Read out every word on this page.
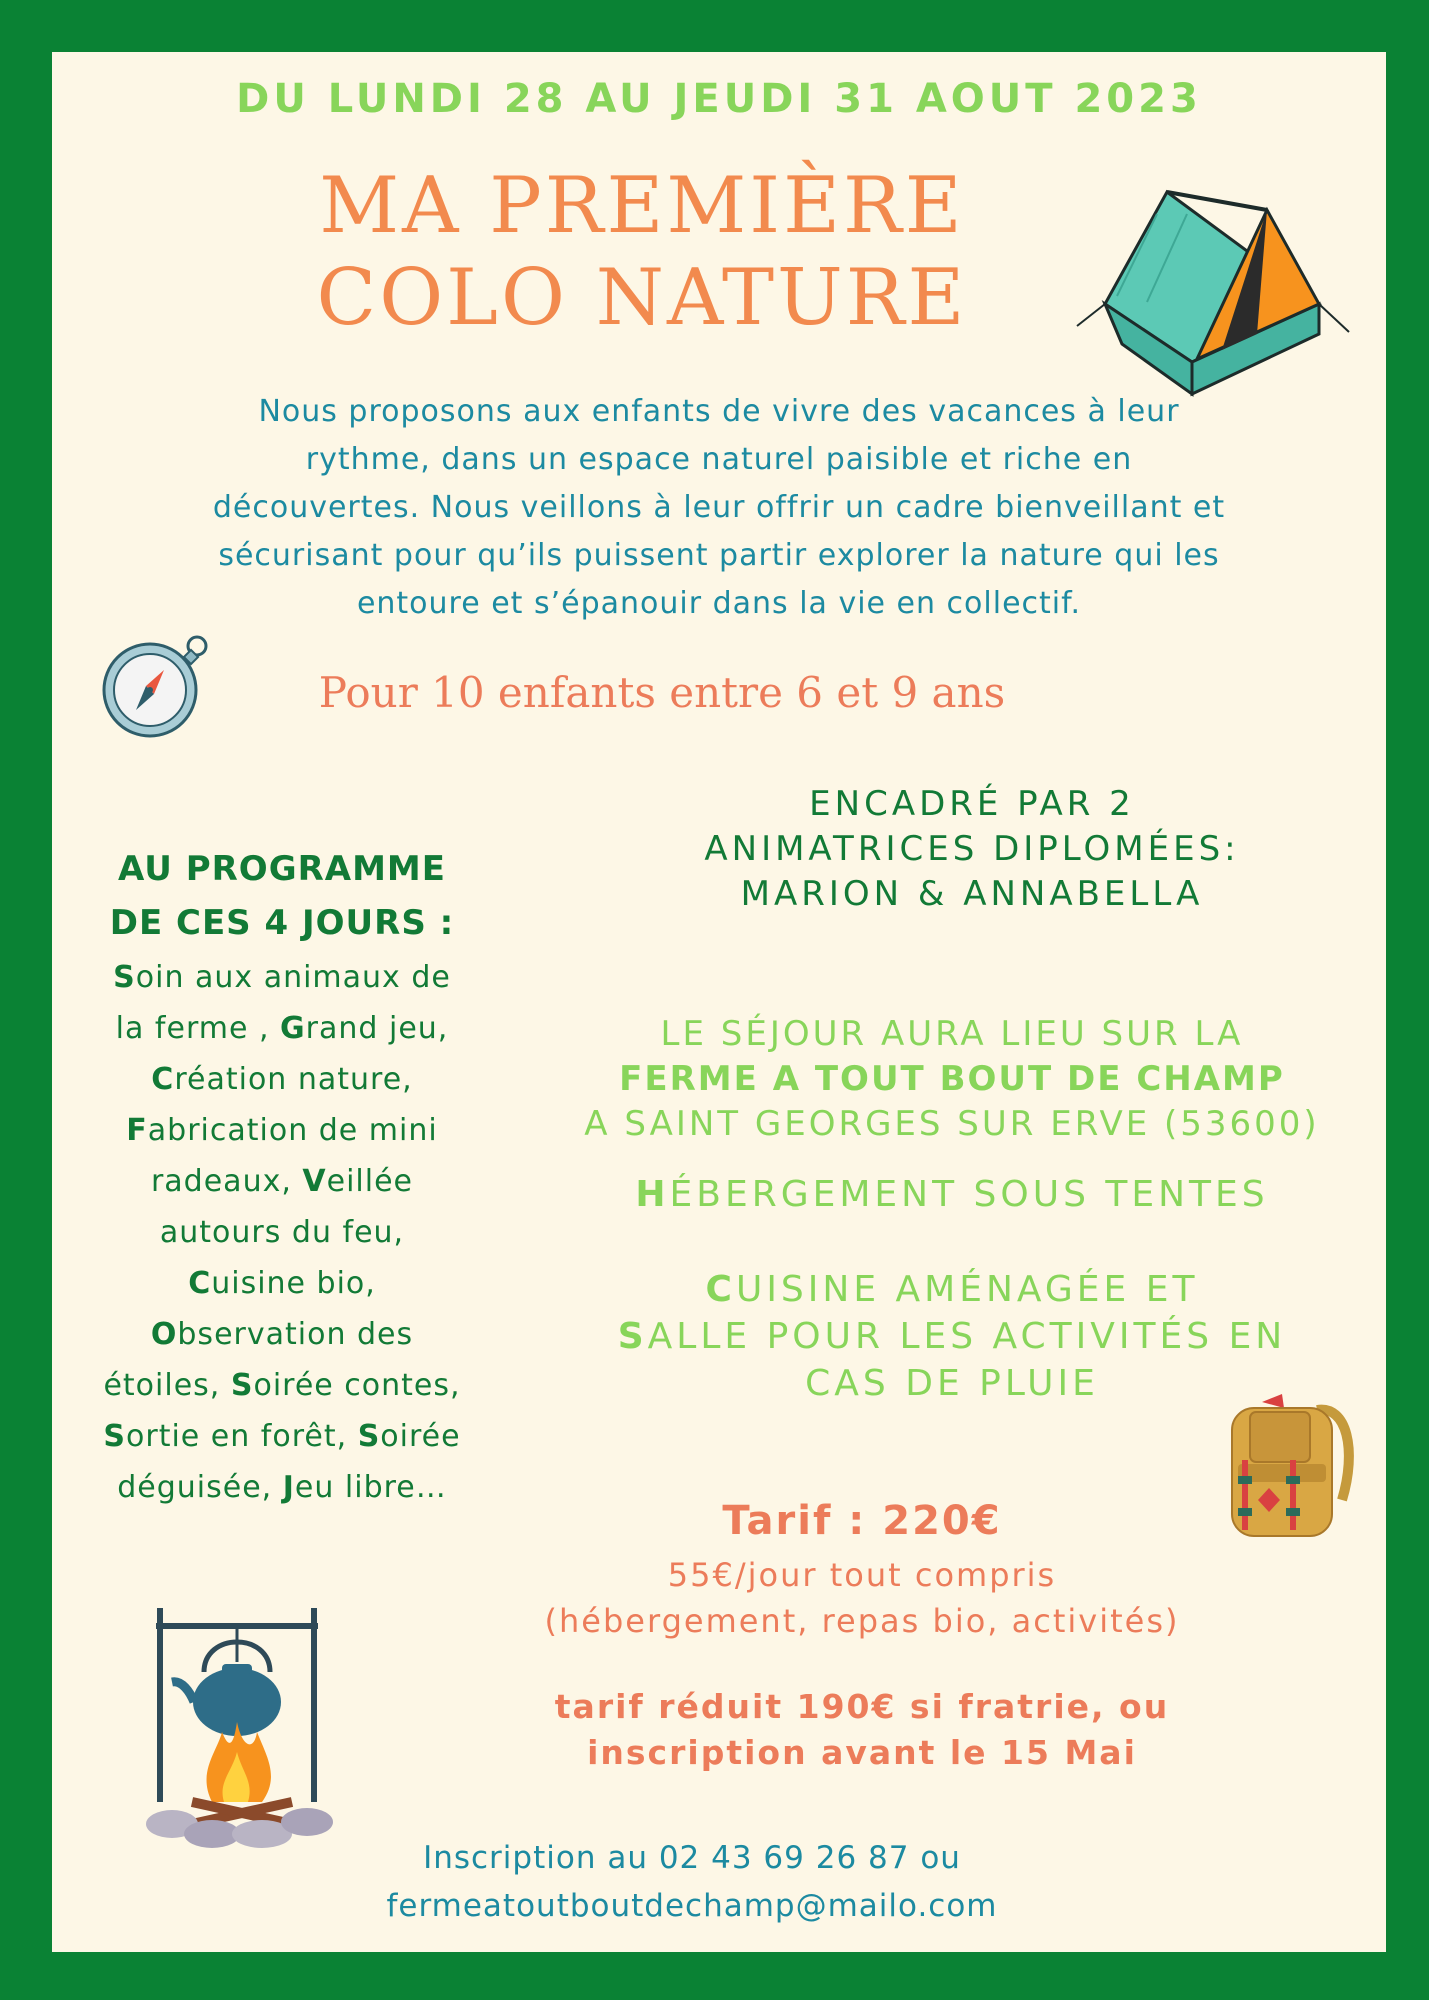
DU LUNDI 28 AU JEUDI 31 AOUT 2023
MA PREMIÈRE
COLO NATURE
Nous proposons aux enfants de vivre des vacances à leur
rythme, dans un espace naturel paisible et riche en
découvertes. Nous veillons à leur offrir un cadre bienveillant et
sécurisant pour qu’ils puissent partir explorer la nature qui les
entoure et s’épanouir dans la vie en collectif.
Pour 10 enfants entre 6 et 9 ans
AU PROGRAMME
DE CES 4 JOURS :
Soin aux animaux de
la ferme , Grand jeu,
Création nature,
Fabrication de mini
radeaux, Veillée
autours du feu,
Cuisine bio,
Observation des
étoiles, Soirée contes,
Sortie en forêt, Soirée
déguisée, Jeu libre…
ENCADRÉ PAR 2
ANIMATRICES DIPLOMÉES:
MARION & ANNABELLA
LE SÉJOUR AURA LIEU SUR LA
FERME A TOUT BOUT DE CHAMP
A SAINT GEORGES SUR ERVE (53600)
HÉBERGEMENT SOUS TENTES
CUISINE AMÉNAGÉE ET
SALLE POUR LES ACTIVITÉS EN
CAS DE PLUIE
Tarif : 220€
55€/jour tout compris
(hébergement, repas bio, activités)
tarif réduit 190€ si fratrie, ou
inscription avant le 15 Mai
Inscription au 02 43 69 26 87 ou
fermeatoutboutdechamp@mailo.com
